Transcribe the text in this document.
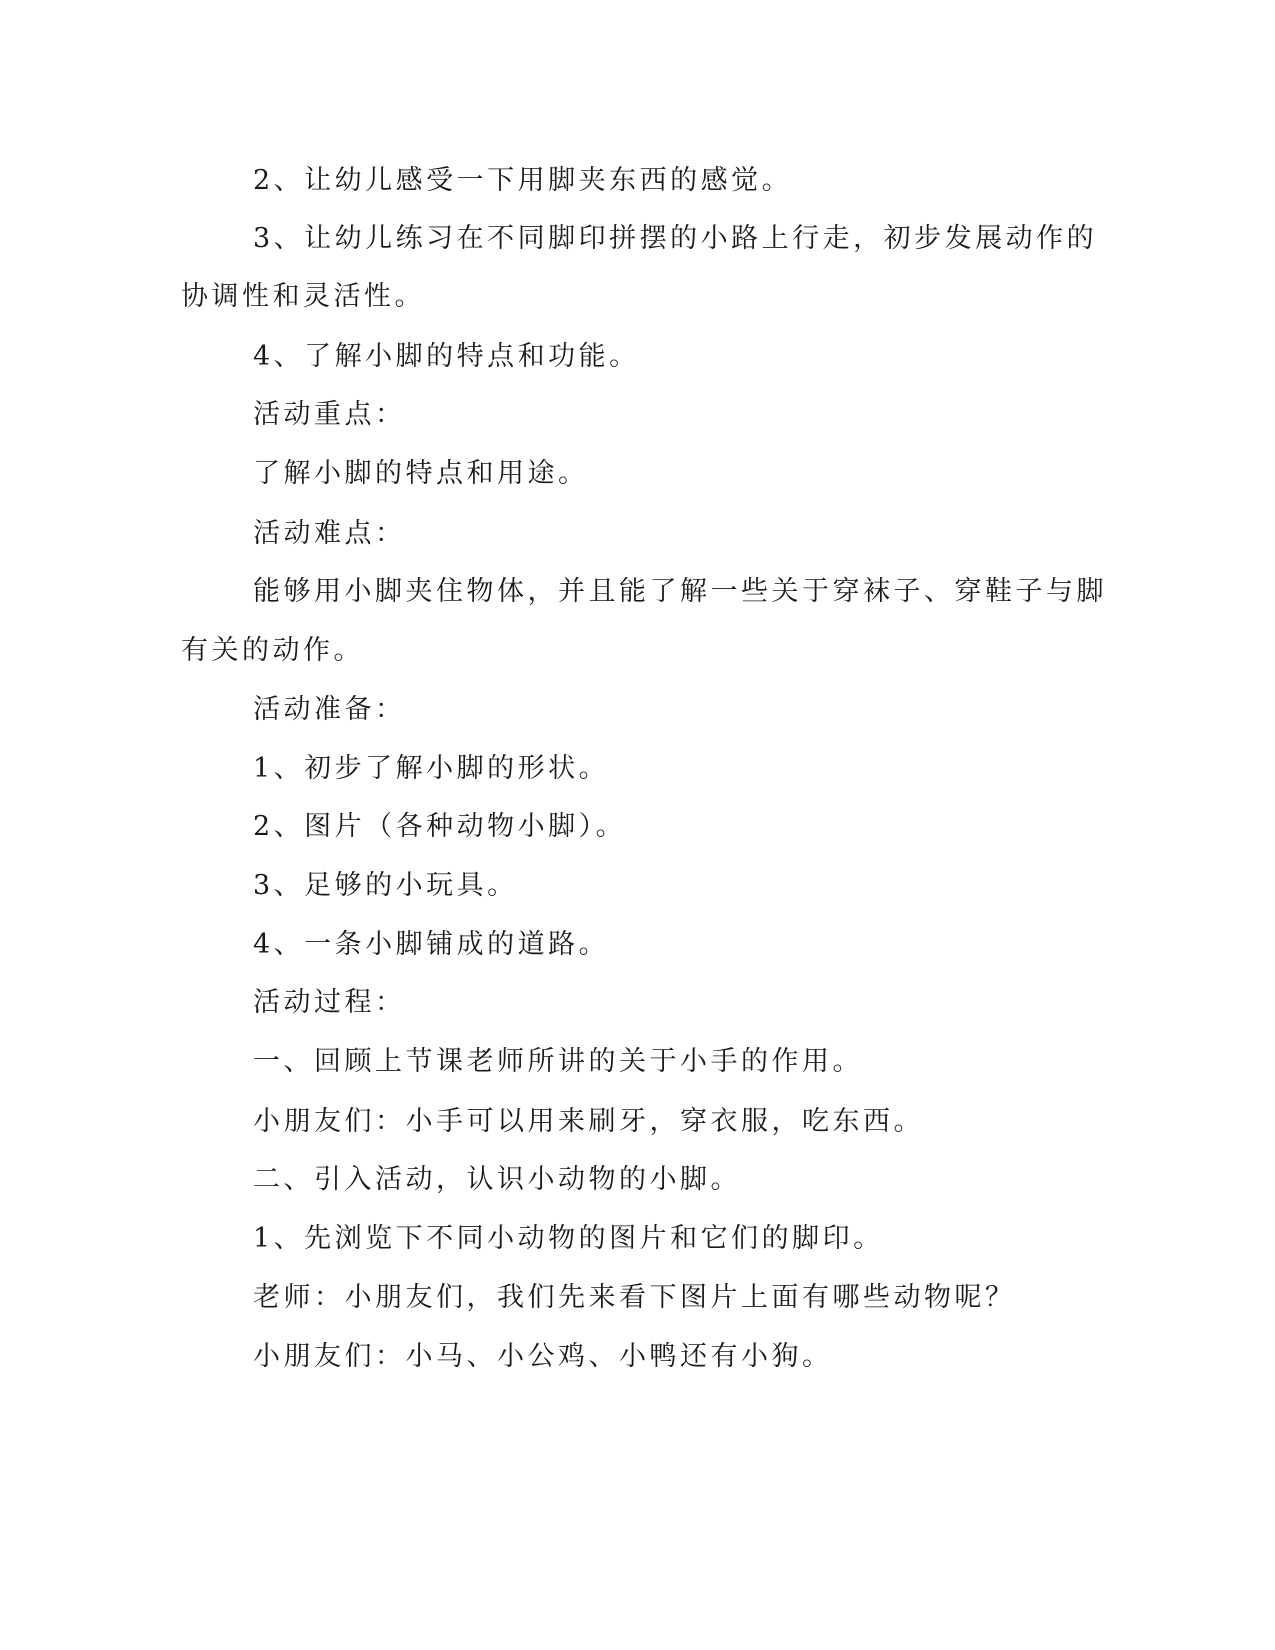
2、让幼儿感受一下用脚夹东西的感觉。
3、让幼儿练习在不同脚印拼摆的小路上行走，初步发展动作的
协调性和灵活性。
4、了解小脚的特点和功能。
活动重点：
了解小脚的特点和用途。
活动难点：
能够用小脚夹住物体，并且能了解一些关于穿袜子、穿鞋子与脚
有关的动作。
活动准备：
1、初步了解小脚的形状。
2、图片（各种动物小脚）。
3、足够的小玩具。
4、一条小脚铺成的道路。
活动过程：
一、回顾上节课老师所讲的关于小手的作用。
小朋友们：小手可以用来刷牙，穿衣服，吃东西。
二、引入活动，认识小动物的小脚。
1、先浏览下不同小动物的图片和它们的脚印。
老师：小朋友们，我们先来看下图片上面有哪些动物呢？
小朋友们：小马、小公鸡、小鸭还有小狗。
